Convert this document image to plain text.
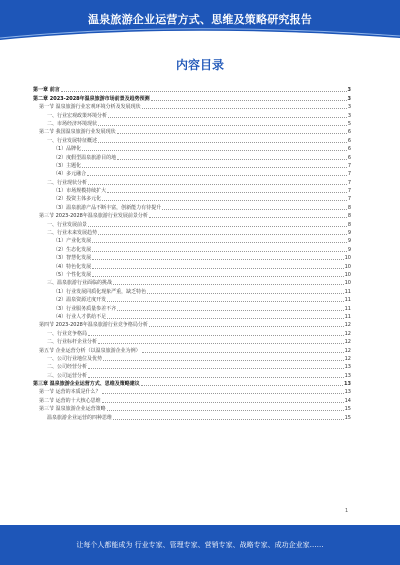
温泉旅游企业运营方式、思维及策略研究报告
内容目录
第一章 前言	3
第二章 2023-2028年温泉旅游市场前景及趋势预测	3
第一节 温泉旅游行业宏观环境分析及发展现状	3
一、行业宏观政策环境分析	3
二、市场经济环境现状	5
第二节 我国温泉旅游行业发展现状	6
一、行业发展特征概述	6
（1）品牌化	6
（2）度假型温泉旅游目的地	6
（3）主题化	7
（4）多元融合	7
二、行业现状分析	7
（1）市场规模持续扩大	7
（2）投资主体多元化	7
（3）温泉旅游产品不断丰富，创新能力有待提升	8
第三节 2023-2028年温泉旅游行业发展前景分析	8
一、行业发展前景	8
二、行业未来发展趋势	9
（1）产业化发展	9
（2）生态化发展	9
（3）智慧化发展	10
（4）特色化发展	10
（5）个性化发展	10
三、温泉旅游行业面临的挑战	10
（1）行业发展同质化现象严重，缺乏特色	11
（2）温泉资源过度开发	11
（3）行业服务质量参差不齐	11
（4）行业人才供给不足	11
第四节 2023-2028年温泉旅游行业竞争格局分析	12
一、行业竞争格局	12
二、行业标杆企业分析	12
第五节 企业运营分析（以温泉旅游企业为例）	12
一、公司行业地位及优势	12
二、公司经营分析	13
三、公司运营分析	13
第三章 温泉旅游企业运营方式、思维及策略建议	13
第一节 运营的本质是什么？	13
第二节 运营的十大核心思维	14
第三节 温泉旅游企业运营策略	15
温泉旅游企业运营的四种思维	15
1
让每个人都能成为 行业专家、管理专家、营销专家、战略专家、成功企业家……
